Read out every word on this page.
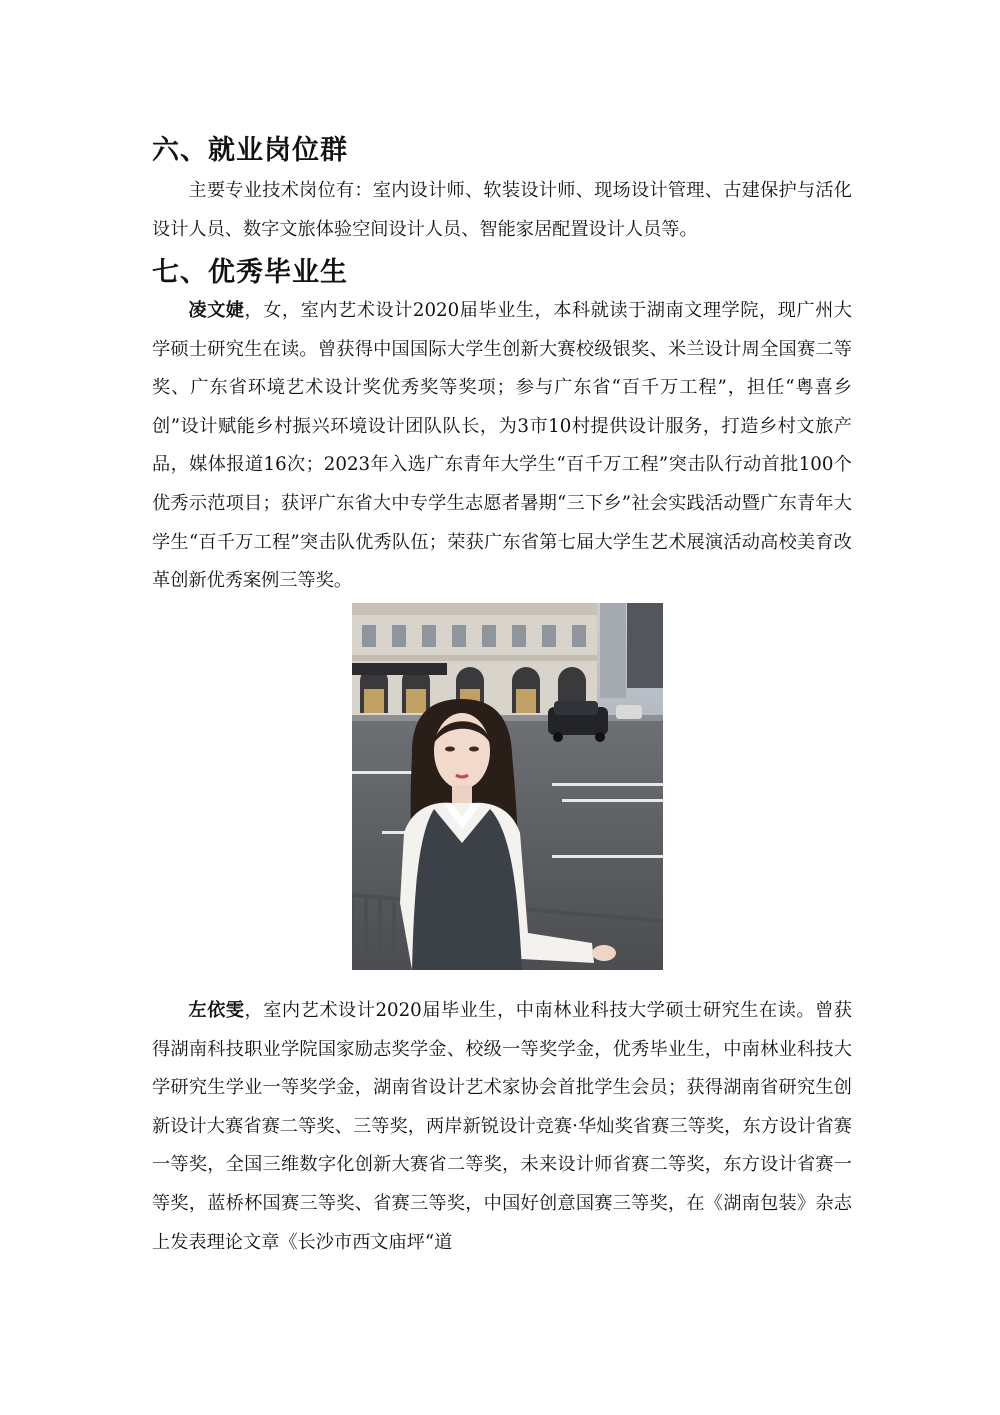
六、就业岗位群

主要专业技术岗位有：室内设计师、软装设计师、现场设计管理、古建保护与活化设计人员、数字文旅体验空间设计人员、智能家居配置设计人员等。

七、优秀毕业生

凌文婕，女，室内艺术设计2020届毕业生，本科就读于湖南文理学院，现广州大学硕士研究生在读。曾获得中国国际大学生创新大赛校级银奖、米兰设计周全国赛二等奖、广东省环境艺术设计奖优秀奖等奖项；参与广东省“百千万工程”，担任“粤喜乡创”设计赋能乡村振兴环境设计团队队长，为3市10村提供设计服务，打造乡村文旅产品，媒体报道16次；2023年入选广东青年大学生“百千万工程”突击队行动首批100个优秀示范项目；获评广东省大中专学生志愿者暑期“三下乡”社会实践活动暨广东青年大学生“百千万工程”突击队优秀队伍；荣获广东省第七届大学生艺术展演活动高校美育改革创新优秀案例三等奖。

左依雯，室内艺术设计2020届毕业生，中南林业科技大学硕士研究生在读。曾获得湖南科技职业学院国家励志奖学金、校级一等奖学金，优秀毕业生，中南林业科技大学研究生学业一等奖学金，湖南省设计艺术家协会首批学生会员；获得湖南省研究生创新设计大赛省赛二等奖、三等奖，两岸新锐设计竞赛·华灿奖省赛三等奖，东方设计省赛一等奖，全国三维数字化创新大赛省二等奖，未来设计师省赛二等奖，东方设计省赛一等奖，蓝桥杯国赛三等奖、省赛三等奖，中国好创意国赛三等奖，在《湖南包装》杂志上发表理论文章《长沙市西文庙坪“道
